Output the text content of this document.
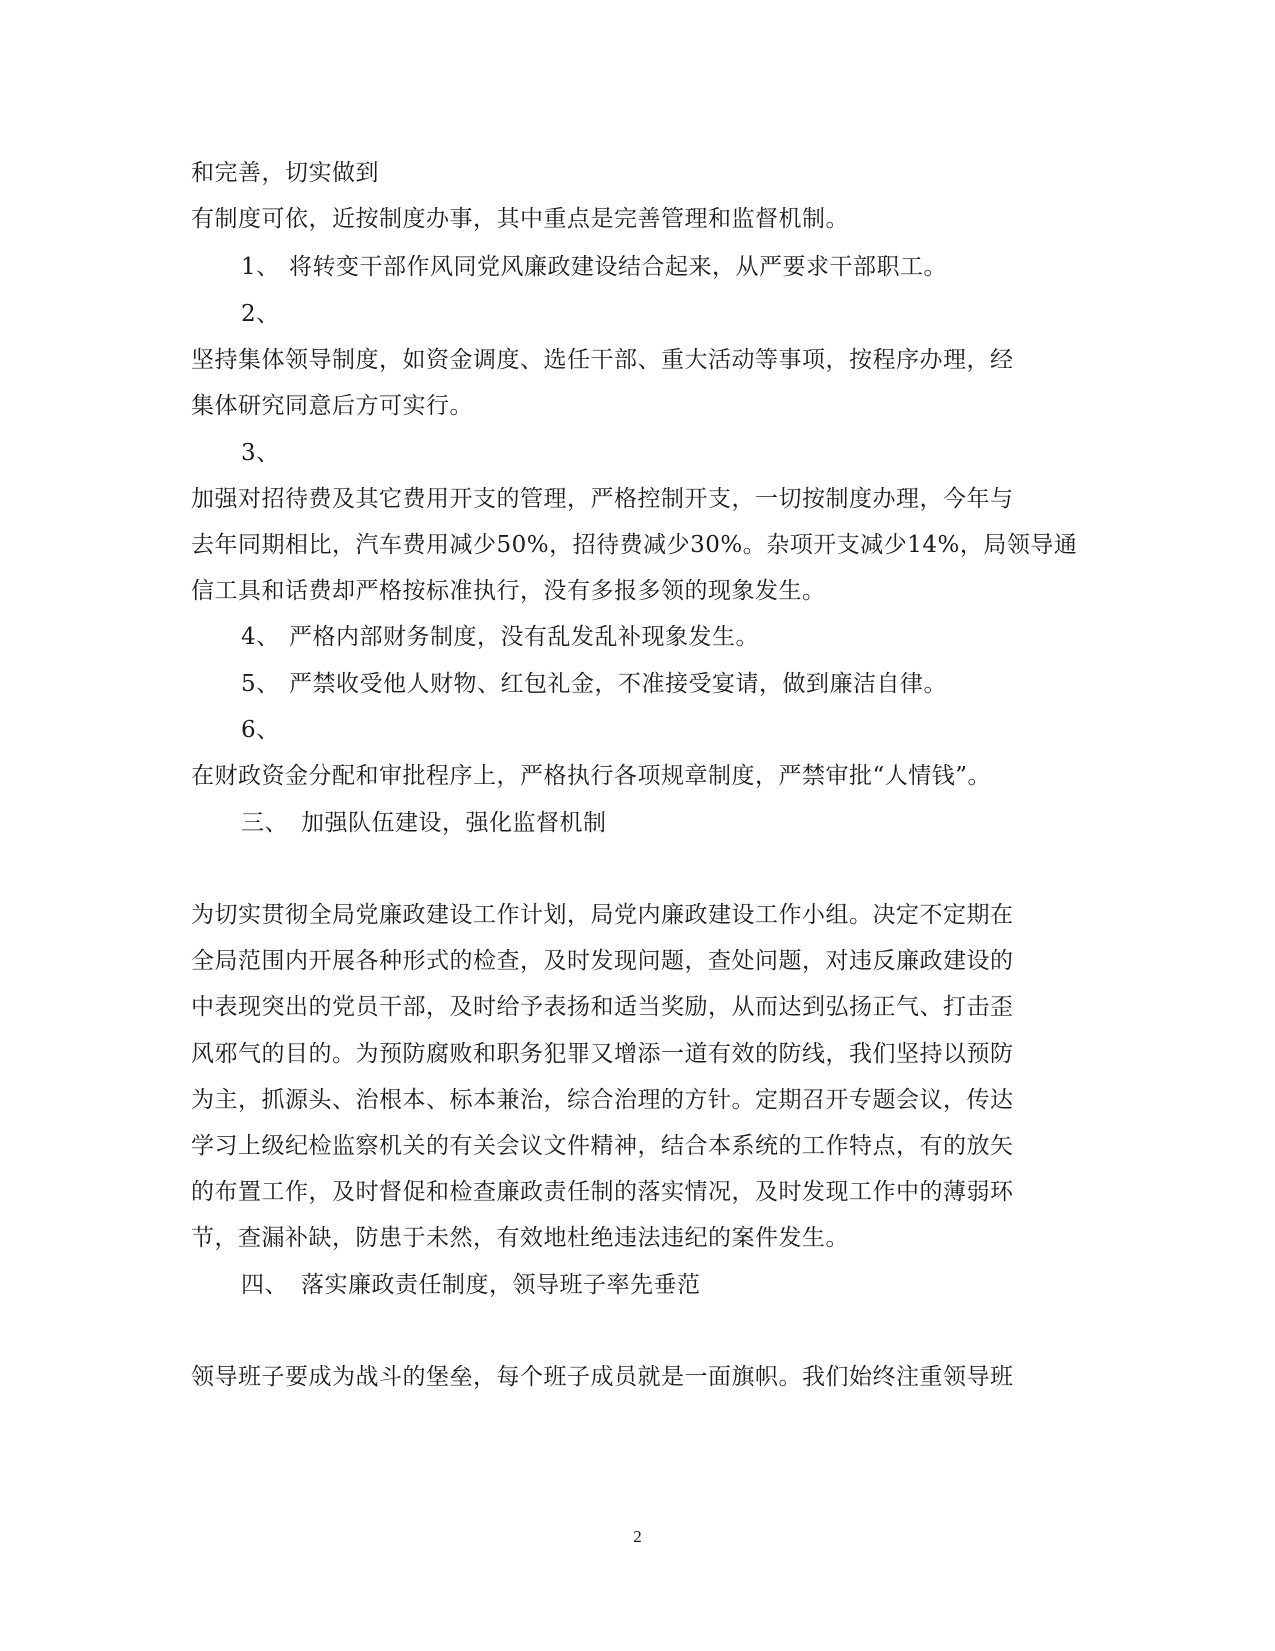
和完善，切实做到
有制度可依，近按制度办事，其中重点是完善管理和监督机制。
1、 将转变干部作风同党风廉政建设结合起来，从严要求干部职工。
2、
坚持集体领导制度，如资金调度、选任干部、重大活动等事项，按程序办理，经
集体研究同意后方可实行。
3、
加强对招待费及其它费用开支的管理，严格控制开支，一切按制度办理，今年与
去年同期相比，汽车费用减少50%，招待费减少30%。杂项开支减少14%，局领导通
信工具和话费却严格按标准执行，没有多报多领的现象发生。
4、 严格内部财务制度，没有乱发乱补现象发生。
5、 严禁收受他人财物、红包礼金，不准接受宴请，做到廉洁自律。
6、
在财政资金分配和审批程序上，严格执行各项规章制度，严禁审批“人情钱”。
三、 加强队伍建设，强化监督机制
为切实贯彻全局党廉政建设工作计划，局党内廉政建设工作小组。决定不定期在
全局范围内开展各种形式的检查，及时发现问题，查处问题，对违反廉政建设的
中表现突出的党员干部，及时给予表扬和适当奖励，从而达到弘扬正气、打击歪
风邪气的目的。为预防腐败和职务犯罪又增添一道有效的防线，我们坚持以预防
为主，抓源头、治根本、标本兼治，综合治理的方针。定期召开专题会议，传达
学习上级纪检监察机关的有关会议文件精神，结合本系统的工作特点，有的放矢
的布置工作，及时督促和检查廉政责任制的落实情况，及时发现工作中的薄弱环
节，查漏补缺，防患于未然，有效地杜绝违法违纪的案件发生。
四、 落实廉政责任制度，领导班子率先垂范
领导班子要成为战斗的堡垒，每个班子成员就是一面旗帜。我们始终注重领导班
2
